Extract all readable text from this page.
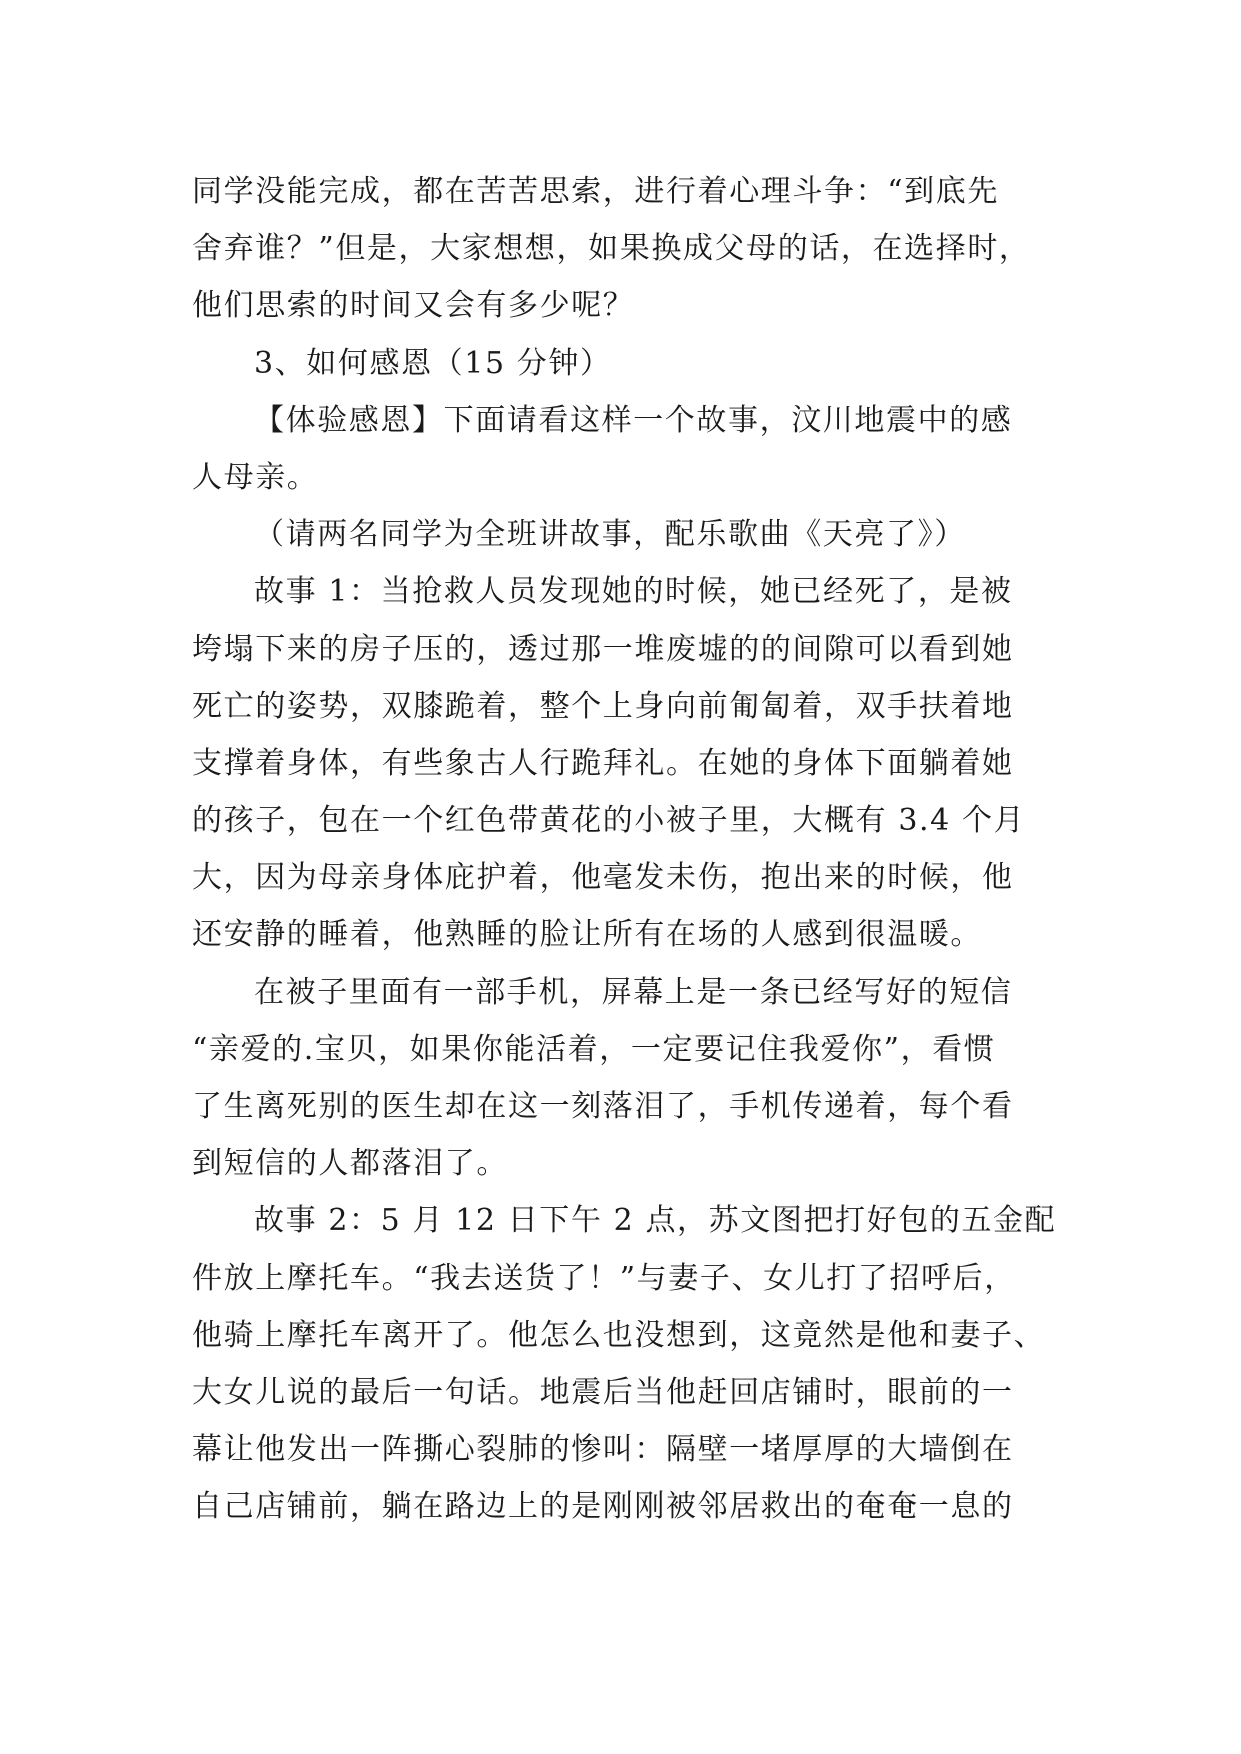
同学没能完成，都在苦苦思索，进行着心理斗争：“到底先
舍弃谁？”但是，大家想想，如果换成父母的话，在选择时，
他们思索的时间又会有多少呢？
3、如何感恩（15 分钟）
【体验感恩】下面请看这样一个故事，汶川地震中的感
人母亲。
（请两名同学为全班讲故事，配乐歌曲《天亮了》）
故事 1：当抢救人员发现她的时候，她已经死了，是被
垮塌下来的房子压的，透过那一堆废墟的的间隙可以看到她
死亡的姿势，双膝跪着，整个上身向前匍匐着，双手扶着地
支撑着身体，有些象古人行跪拜礼。在她的身体下面躺着她
的孩子，包在一个红色带黄花的小被子里，大概有 3.4 个月
大，因为母亲身体庇护着，他毫发未伤，抱出来的时候，他
还安静的睡着，他熟睡的脸让所有在场的人感到很温暖。
在被子里面有一部手机，屏幕上是一条已经写好的短信
“亲爱的.宝贝，如果你能活着，一定要记住我爱你”，看惯
了生离死别的医生却在这一刻落泪了，手机传递着，每个看
到短信的人都落泪了。
故事 2：5 月 12 日下午 2 点，苏文图把打好包的五金配
件放上摩托车。“我去送货了！”与妻子、女儿打了招呼后，
他骑上摩托车离开了。他怎么也没想到，这竟然是他和妻子、
大女儿说的最后一句话。地震后当他赶回店铺时，眼前的一
幕让他发出一阵撕心裂肺的惨叫：隔壁一堵厚厚的大墙倒在
自己店铺前，躺在路边上的是刚刚被邻居救出的奄奄一息的
